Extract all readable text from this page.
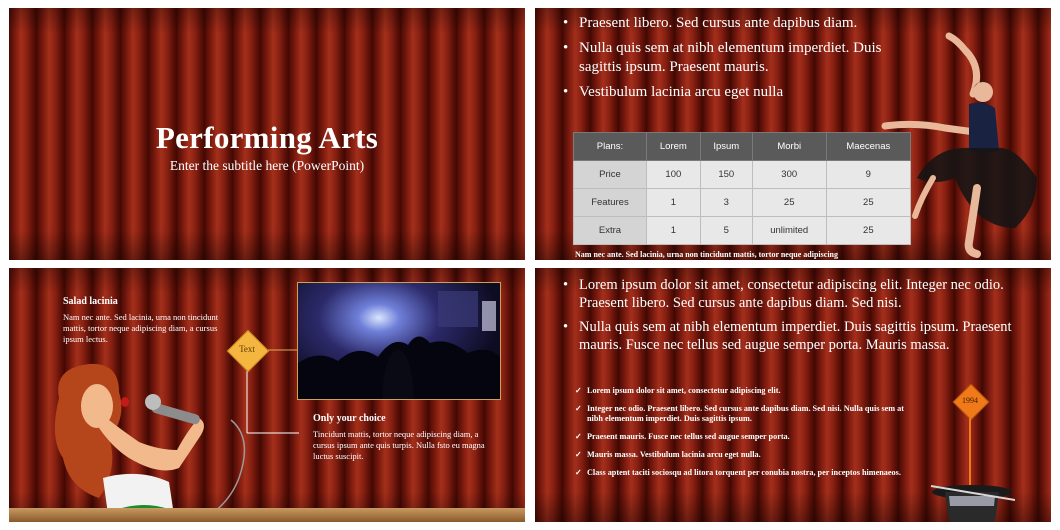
Performing Arts
Enter the subtitle here (PowerPoint)
• Praesent libero. Sed cursus ante dapibus diam.
• Nulla quis sem at nibh elementum imperdiet. Duis sagittis ipsum. Praesent mauris.
• Vestibulum lacinia arcu eget nulla
Plans:	Lorem	Ipsum	Morbi	Maecenas
Price	100	150	300	9
Features	1	3	25	25
Extra	1	5	unlimited	25
Nam nec ante. Sed lacinia, urna non tincidunt mattis, tortor neque adipiscing
Salad lacinia
Nam nec ante. Sed lacinia, urna non tincidunt mattis, tortor neque adipiscing diam, a cursus ipsum lectus.
Text
Only your choice
Tincidunt mattis, tortor neque adipiscing diam, a cursus ipsum ante quis turpis. Nulla fsto eu magna luctus suscipit.
• Lorem ipsum dolor sit amet, consectetur adipiscing elit. Integer nec odio. Praesent libero. Sed cursus ante dapibus diam. Sed nisi.
• Nulla quis sem at nibh elementum imperdiet. Duis sagittis ipsum. Praesent mauris. Fusce nec tellus sed augue semper porta. Mauris massa.
✓ Lorem ipsum dolor sit amet, consectetur adipiscing elit.
✓ Integer nec odio. Praesent libero. Sed cursus ante dapibus diam. Sed nisi. Nulla quis sem at nibh elementum imperdiet. Duis sagittis ipsum.
✓ Praesent mauris. Fusce nec tellus sed augue semper porta.
✓ Mauris massa. Vestibulum lacinia arcu eget nulla.
✓ Class aptent taciti sociosqu ad litora torquent per conubia nostra, per inceptos himenaeos.
1994
